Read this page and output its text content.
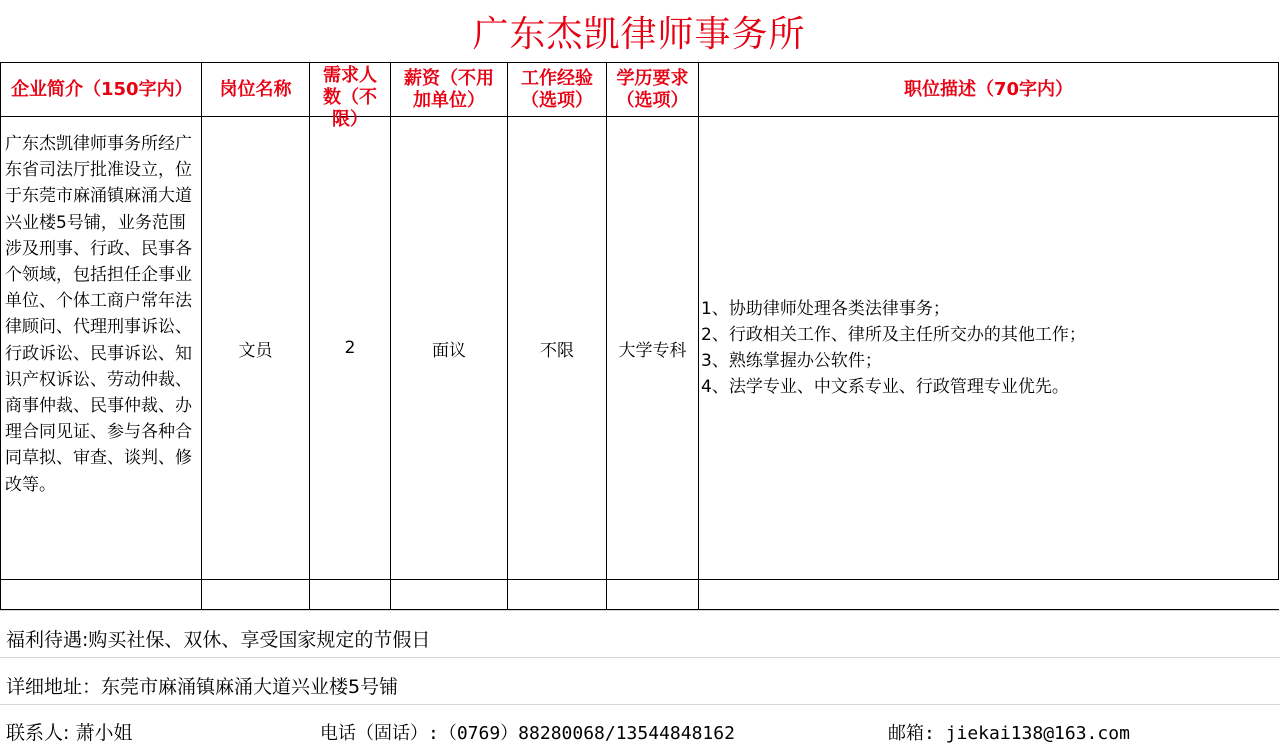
广东杰凯律师事务所
企业简介（150字内）	岗位名称	需求人数（不限）	薪资（不用加单位）	工作经验（选项）	学历要求（选项）	职位描述（70字内）

广东杰凯律师事务所经广东省司法厅批准设立，位于东莞市麻涌镇麻涌大道兴业楼5号铺，业务范围涉及刑事、行政、民事各个领域，包括担任企事业单位、个体工商户常年法律顾问、代理刑事诉讼、行政诉讼、民事诉讼、知识产权诉讼、劳动仲裁、商事仲裁、民事仲裁、办理合同见证、参与各种合同草拟、审查、谈判、修改等。	文员	2	面议	不限	大学专科	1、协助律师处理各类法律事务；
2、行政相关工作、律所及主任所交办的其他工作；
3、熟练掌握办公软件；
4、法学专业、中文系专业、行政管理专业优先。

福利待遇:购买社保、双休、享受国家规定的节假日
详细地址：东莞市麻涌镇麻涌大道兴业楼5号铺
联系人: 萧小姐	电话（固话）:（0769）88280068/13544848162	邮箱: jiekai138@163.com
